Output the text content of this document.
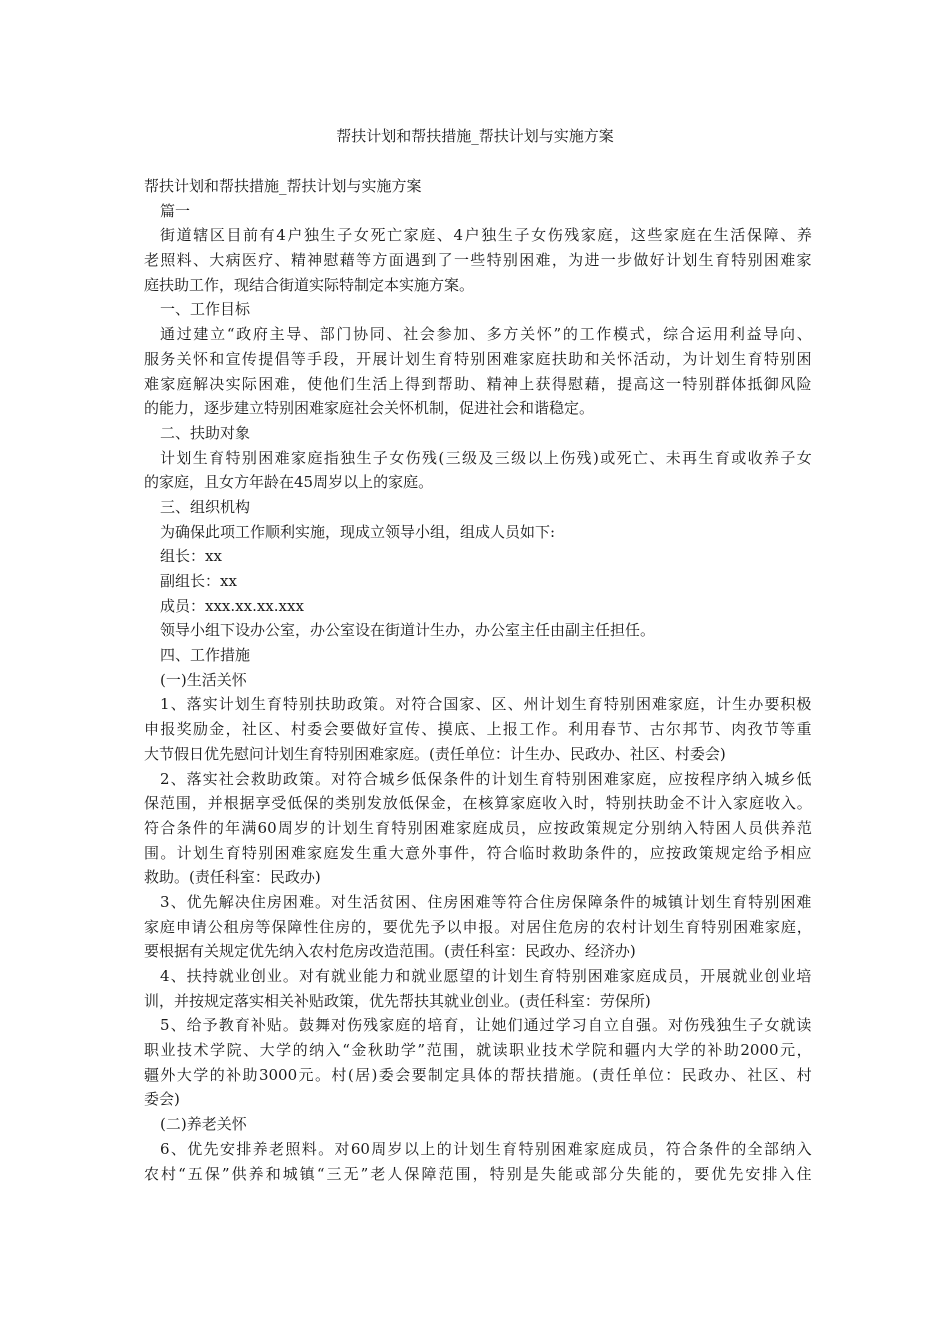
帮扶计划和帮扶措施_帮扶计划与实施方案
帮扶计划和帮扶措施_帮扶计划与实施方案
篇一
街 道 辖 区 目 前 有 4 户 独 生 子 女 死 亡 家 庭 、 4 户 独 生 子 女 伤 残 家 庭 ， 这 些 家 庭 在 生 活 保 障 、 养
老 照 料 、 大 病 医 疗 、 精 神 慰 藉 等 方 面 遇 到 了 一 些 特 别 困 难 ， 为 进 一 步 做 好 计 划 生 育 特 别 困 难 家
庭扶助工作，现结合街道实际特制定本实施方案。
一、工作目标
通 过 建 立 “ 政 府 主 导 、 部 门 协 同 、 社 会 参 加 、 多 方 关 怀 ” 的 工 作 模 式 ， 综 合 运 用 利 益 导 向 、
服 务 关 怀 和 宣 传 提 倡 等 手 段 ， 开 展 计 划 生 育 特 别 困 难 家 庭 扶 助 和 关 怀 活 动 ， 为 计 划 生 育 特 别 困
难 家 庭 解 决 实 际 困 难 ， 使 他 们 生 活 上 得 到 帮 助 、 精 神 上 获 得 慰 藉 ， 提 高 这 一 特 别 群 体 抵 御 风 险
的能力，逐步建立特别困难家庭社会关怀机制，促进社会和谐稳定。
二、扶助对象
计 划 生 育 特 别 困 难 家 庭 指 独 生 子 女 伤 残 ( 三 级 及 三 级 以 上 伤 残 ) 或 死 亡 、 未 再 生 育 或 收 养 子 女
的家庭，且女方年龄在45周岁以上的家庭。
三、组织机构
为确保此项工作顺利实施，现成立领导小组，组成人员如下:
组长：xx
副组长：xx
成员：xxx.xx.xx.xxx
领导小组下设办公室，办公室设在街道计生办，办公室主任由副主任担任。
四、工作措施
(一)生活关怀
1 、 落 实 计 划 生 育 特 别 扶 助 政 策 。 对 符 合 国 家 、 区 、 州 计 划 生 育 特 别 困 难 家 庭 ， 计 生 办 要 积 极
申 报 奖 励 金 ， 社 区 、 村 委 会 要 做 好 宣 传 、 摸 底 、 上 报 工 作 。 利 用 春 节 、 古 尔 邦 节 、 肉 孜 节 等 重
大节假日优先慰问计划生育特别困难家庭。(责任单位：计生办、民政办、社区、村委会)
2 、 落 实 社 会 救 助 政 策 。 对 符 合 城 乡 低 保 条 件 的 计 划 生 育 特 别 困 难 家 庭 ， 应 按 程 序 纳 入 城 乡 低
保 范 围 ， 并 根 据 享 受 低 保 的 类 别 发 放 低 保 金 ， 在 核 算 家 庭 收 入 时 ， 特 别 扶 助 金 不 计 入 家 庭 收 入 。
符 合 条 件 的 年 满 60 周 岁 的 计 划 生 育 特 别 困 难 家 庭 成 员 ， 应 按 政 策 规 定 分 别 纳 入 特 困 人 员 供 养 范
围 。 计 划 生 育 特 别 困 难 家 庭 发 生 重 大 意 外 事 件 ， 符 合 临 时 救 助 条 件 的 ， 应 按 政 策 规 定 给 予 相 应
救助。(责任科室：民政办)
3 、 优 先 解 决 住 房 困 难 。 对 生 活 贫 困 、 住 房 困 难 等 符 合 住 房 保 障 条 件 的 城 镇 计 划 生 育 特 别 困 难
家 庭 申 请 公 租 房 等 保 障 性 住 房 的 ， 要 优 先 予 以 申 报 。 对 居 住 危 房 的 农 村 计 划 生 育 特 别 困 难 家 庭 ，
要根据有关规定优先纳入农村危房改造范围。(责任科室：民政办、经济办)
4 、 扶 持 就 业 创 业 。 对 有 就 业 能 力 和 就 业 愿 望 的 计 划 生 育 特 别 困 难 家 庭 成 员 ， 开 展 就 业 创 业 培
训，并按规定落实相关补贴政策，优先帮扶其就业创业。(责任科室：劳保所)
5 、 给 予 教 育 补 贴 。 鼓 舞 对 伤 残 家 庭 的 培 育 ， 让 她 们 通 过 学 习 自 立 自 强 。 对 伤 残 独 生 子 女 就 读
职 业 技 术 学 院 、 大 学 的 纳 入 “ 金 秋 助 学 ” 范 围 ， 就 读 职 业 技 术 学 院 和 疆 内 大 学 的 补 助 2000 元 ，
疆 外 大 学 的 补 助 3000 元 。 村 ( 居 ) 委 会 要 制 定 具 体 的 帮 扶 措 施 。 ( 责 任 单 位 ： 民 政 办 、 社 区 、 村
委会)
(二)养老关怀
6 、 优 先 安 排 养 老 照 料 。 对 60 周 岁 以 上 的 计 划 生 育 特 别 困 难 家 庭 成 员 ， 符 合 条 件 的 全 部 纳 入
农 村 “ 五 保 ” 供 养 和 城 镇 “ 三 无 ” 老 人 保 障 范 围 ， 特 别 是 失 能 或 部 分 失 能 的 ， 要 优 先 安 排 入 住
